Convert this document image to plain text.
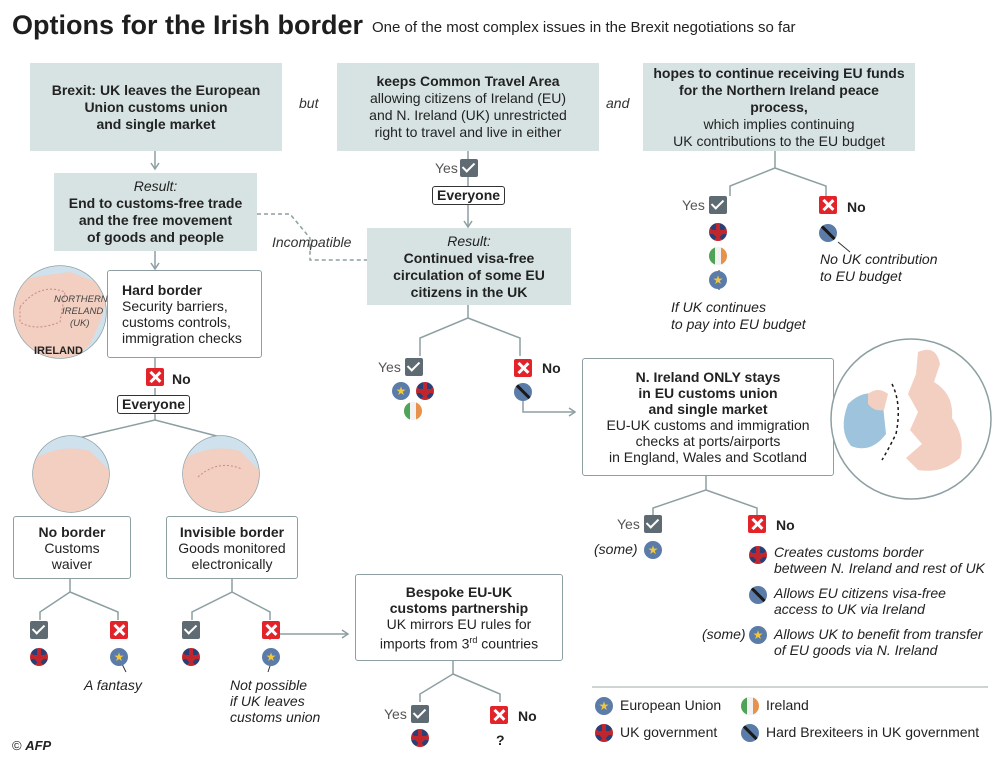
Options for the Irish border One of the most complex issues in the Brexit negotiations so far
Brexit: UK leaves the European
Union customs union
and single market
but
keeps Common Travel Area
allowing citizens of Ireland (EU)
and N. Ireland (UK) unrestricted
right to travel and live in either
and
hopes to continue receiving EU funds
for the Northern Ireland peace process,
which implies continuing
UK contributions to the EU budget
Result:
End to customs-free trade
and the free movement
of goods and people	Incompatible
Yes
Everyone
Result:
Continued visa-free
circulation of some EU
citizens in the UK
Yes
★	No
Yes
★
If UK continues
to pay into EU budget
No
No UK contribution
to EU budget
Hard border
Security barriers,
customs controls,
immigration checks
NORTHERN
IRELAND
(UK)
IRELAND
No
Everyone
No border
Customs
waiver
Invisible border
Goods monitored
electronically
★
A fantasy
★	Not possible
if UK leaves
customs union
Bespoke EU-UK
customs partnership
UK mirrors EU rules for
imports from 3rd countries
Yes	No
?
N. Ireland ONLY stays
in EU customs union
and single market
EU-UK customs and immigration
checks at ports/airports
in England, Wales and Scotland
Yes
(some)
★
No
Creates customs border
between N. Ireland and rest of UK
Allows EU citizens visa-free
access to UK via Ireland
(some)
★ Allows UK to benefit from transfer
of EU goods via N. Ireland
★
European Union	Ireland
UK government	Hard Brexiteers in UK government
© AFP
